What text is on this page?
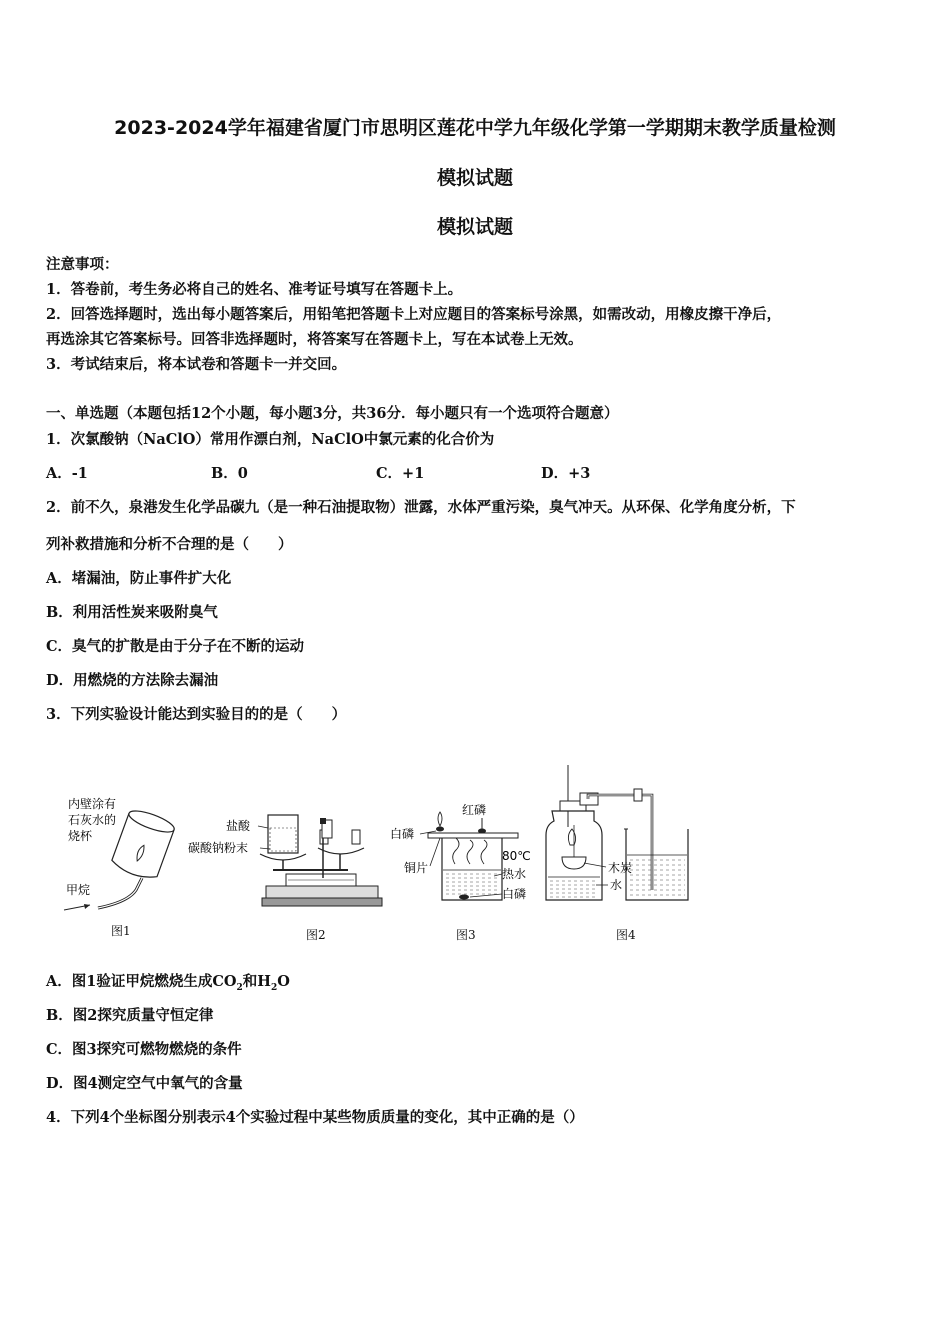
2023-2024学年福建省厦门市思明区莲花中学九年级化学第一学期期末教学质量检测
模拟试题
模拟试题
注意事项：
1．答卷前，考生务必将自己的姓名、准考证号填写在答题卡上。
2．回答选择题时，选出每小题答案后，用铅笔把答题卡上对应题目的答案标号涂黑，如需改动，用橡皮擦干净后，
再选涂其它答案标号。回答非选择题时，将答案写在答题卡上，写在本试卷上无效。
3．考试结束后，将本试卷和答题卡一并交回。
一、单选题（本题包括12个小题，每小题3分，共36分．每小题只有一个选项符合题意）
1．次氯酸钠（NaClO）常用作漂白剂，NaClO中氯元素的化合价为
A．-1	B．0	C．+1	D．+3
2．前不久，泉港发生化学品碳九（是一种石油提取物）泄露，水体严重污染，臭气冲天。从环保、化学角度分析，下
列补救措施和分析不合理的是（　　）
A．堵漏油，防止事件扩大化
B．利用活性炭来吸附臭气
C．臭气的扩散是由于分子在不断的运动
D．用燃烧的方法除去漏油
3．下列实验设计能达到实验目的的是（　　）
内壁涂有
石灰水的
烧杯
甲烷
图1
盐酸
碳酸钠粉末
图2
红磷
白磷
铜片
80℃
热水
白磷
图3
木炭
水
图4
A．图1验证甲烷燃烧生成$CO_2$和$H_2O$
B．图2探究质量守恒定律
C．图3探究可燃物燃烧的条件
D．图4测定空气中氧气的含量
4．下列4个坐标图分别表示4个实验过程中某些物质质量的变化，其中正确的是（）
